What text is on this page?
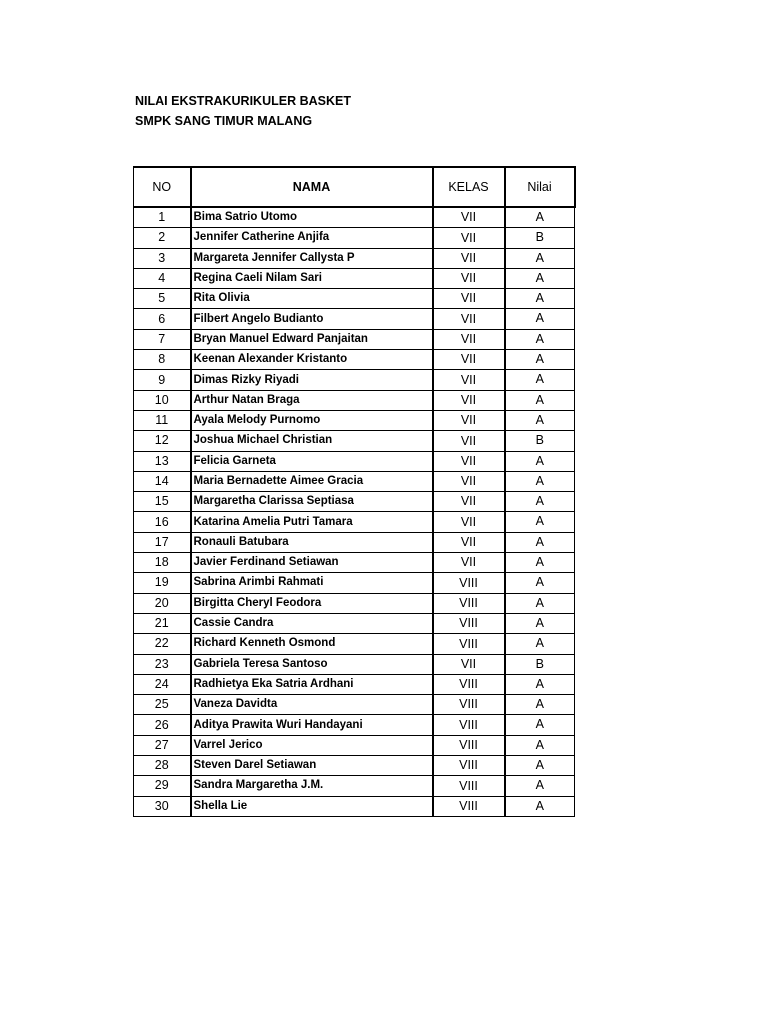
NILAI EKSTRAKURIKULER BASKET
SMPK SANG TIMUR MALANG
NO	NAMA	KELAS	Nilai
1	Bima Satrio Utomo	VII	A
2	Jennifer Catherine Anjifa	VII	B
3	Margareta Jennifer Callysta P	VII	A
4	Regina Caeli Nilam Sari	VII	A
5	Rita Olivia	VII	A
6	Filbert Angelo Budianto	VII	A
7	Bryan Manuel Edward Panjaitan	VII	A
8	Keenan Alexander Kristanto	VII	A
9	Dimas Rizky Riyadi	VII	A
10	Arthur Natan Braga	VII	A
11	Ayala Melody Purnomo	VII	A
12	Joshua Michael Christian	VII	B
13	Felicia Garneta	VII	A
14	Maria Bernadette Aimee Gracia	VII	A
15	Margaretha Clarissa Septiasa	VII	A
16	Katarina Amelia Putri Tamara	VII	A
17	Ronauli Batubara	VII	A
18	Javier Ferdinand Setiawan	VII	A
19	Sabrina Arimbi Rahmati	VIII	A
20	Birgitta Cheryl Feodora	VIII	A
21	Cassie Candra	VIII	A
22	Richard Kenneth Osmond	VIII	A
23	Gabriela Teresa Santoso	VII	B
24	Radhietya Eka Satria Ardhani	VIII	A
25	Vaneza Davidta	VIII	A
26	Aditya Prawita Wuri Handayani	VIII	A
27	Varrel Jerico	VIII	A
28	Steven Darel Setiawan	VIII	A
29	Sandra Margaretha J.M.	VIII	A
30	Shella Lie	VIII	A
